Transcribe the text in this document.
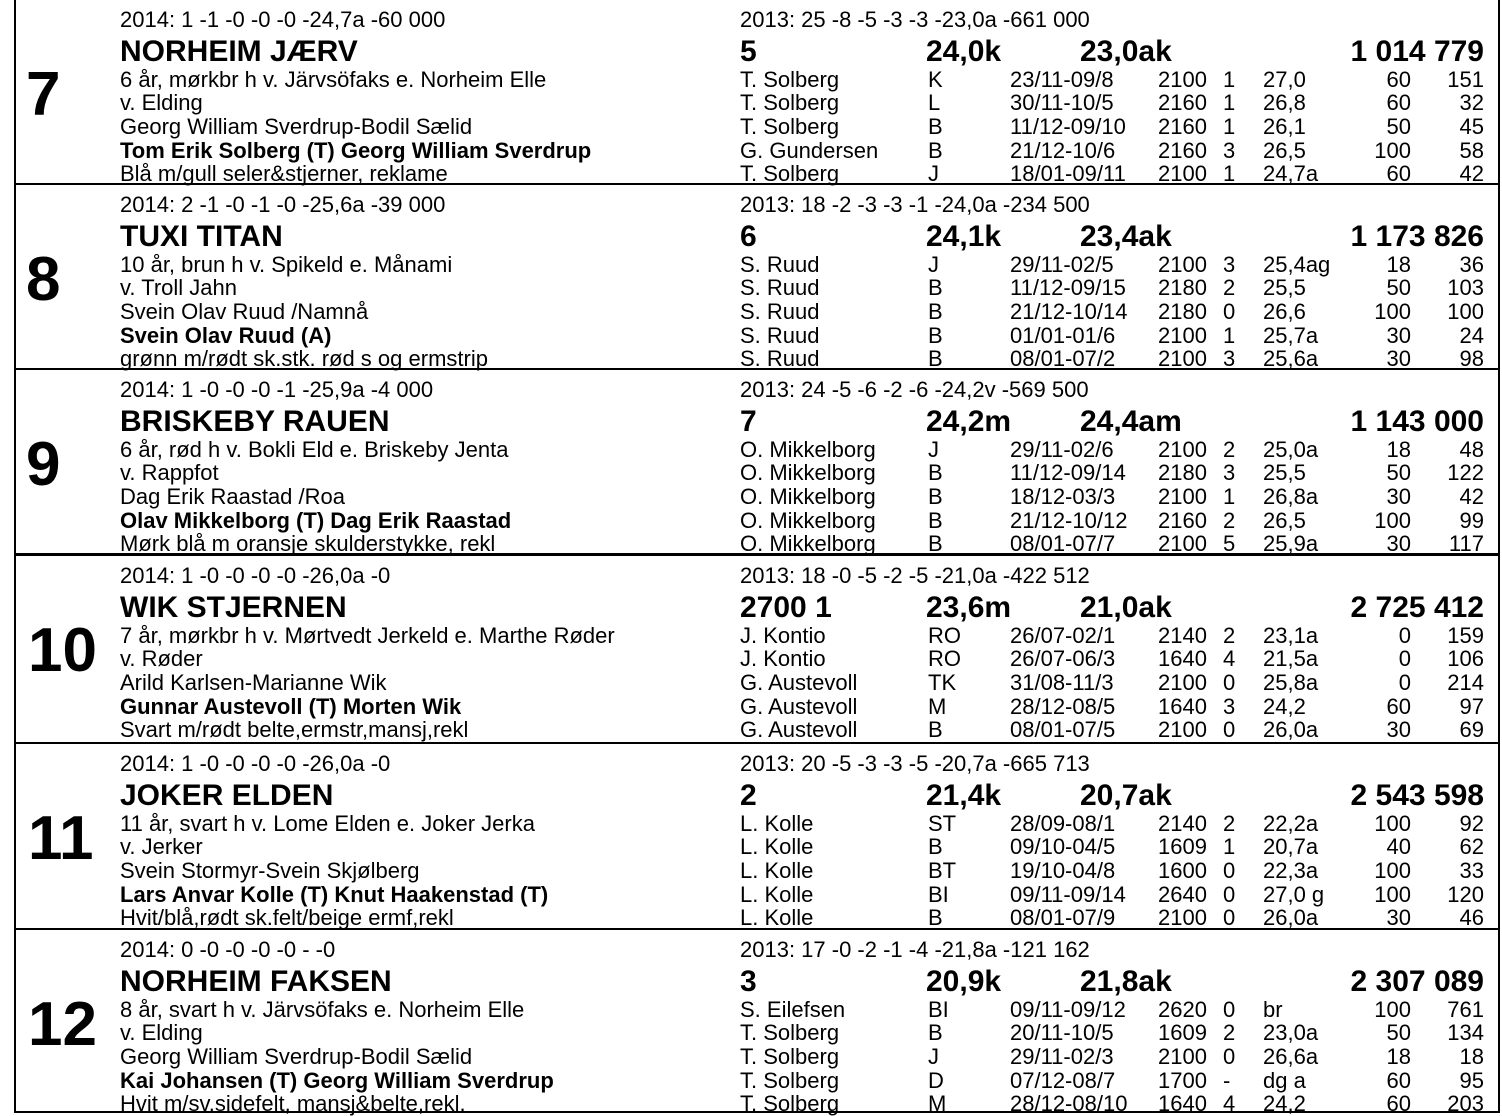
7
2014: 1 -1 -0 -0 -0 -24,7a -60 000	2013: 25 -8 -5 -3 -3 -23,0a -661 000
NORHEIM JÆRV	5	24,0k	23,0ak	1 014 779
6 år, mørkbr h v. Järvsöfaks e. Norheim Elle
v. Elding
Georg William Sverdrup-Bodil Sælid
Tom Erik Solberg (T) Georg William Sverdrup
Blå m/gull seler&stjerner, reklame
T. Solberg	K	23/11-09/8 2100 1 27,0	60 151
T. Solberg	L	30/11-10/5 2160 1 26,8	60 32
T. Solberg	B	11/12-09/10 2160 1 26,1	50 45
G. Gundersen B	21/12-10/6 2160 3 26,5	100 58
T. Solberg	J	18/01-09/11 2100 1 24,7a	60 42
8
2014: 2 -1 -0 -1 -0 -25,6a -39 000	2013: 18 -2 -3 -3 -1 -24,0a -234 500
TUXI TITAN	6	24,1k	23,4ak	1 173 826
10 år, brun h v. Spikeld e. Månami
v. Troll Jahn
Svein Olav Ruud /Namnå
Svein Olav Ruud (A)
grønn m/rødt sk.stk. rød s og ermstrip
S. Ruud	J	29/11-02/5 2100 3 25,4ag	18 36
S. Ruud	B	11/12-09/15 2180 2 25,5	50 103
S. Ruud	B	21/12-10/14 2180 0 26,6	100 100
S. Ruud	B	01/01-01/6 2100 1 25,7a	30 24
S. Ruud	B	08/01-07/2 2100 3 25,6a	30 98
9
2014: 1 -0 -0 -0 -1 -25,9a -4 000	2013: 24 -5 -6 -2 -6 -24,2v -569 500
BRISKEBY RAUEN	7	24,2m 24,4am	1 143 000
6 år, rød h v. Bokli Eld e. Briskeby Jenta
v. Rappfot
Dag Erik Raastad /Roa
Olav Mikkelborg (T) Dag Erik Raastad
Mørk blå m oransje skulderstykke, rekl
O. Mikkelborg J	29/11-02/6 2100 2 25,0a	18 48
O. Mikkelborg B	11/12-09/14 2180 3 25,5	50 122
O. Mikkelborg B	18/12-03/3 2100 1 26,8a	30 42
O. Mikkelborg B	21/12-10/12 2160 2 26,5	100 99
O. Mikkelborg B	08/01-07/7 2100 5 25,9a	30 117
10
2014: 1 -0 -0 -0 -0 -26,0a -0	2013: 18 -0 -5 -2 -5 -21,0a -422 512
WIK STJERNEN	2700 1	23,6m 21,0ak	2 725 412
7 år, mørkbr h v. Mørtvedt Jerkeld e. Marthe Røder
v. Røder
Arild Karlsen-Marianne Wik
Gunnar Austevoll (T) Morten Wik
Svart m/rødt belte,ermstr,mansj,rekl
J. Kontio	RO 26/07-02/1 2140 2 23,1a	0 159
J. Kontio	RO 26/07-06/3 1640 4 21,5a	0 106
G. Austevoll	TK 31/08-11/3 2100 0 25,8a	0 214
G. Austevoll	M	28/12-08/5 1640 3 24,2	60 97
G. Austevoll	B	08/01-07/5 2100 0 26,0a	30 69
11
2014: 1 -0 -0 -0 -0 -26,0a -0	2013: 20 -5 -3 -3 -5 -20,7a -665 713
JOKER ELDEN	2	21,4k	20,7ak	2 543 598
11 år, svart h v. Lome Elden e. Joker Jerka
v. Jerker
Svein Stormyr-Svein Skjølberg
Lars Anvar Kolle (T) Knut Haakenstad (T)
Hvit/blå,rødt sk.felt/beige ermf,rekl
L. Kolle	ST 28/09-08/1 2140 2 22,2a	100 92
L. Kolle	B	09/10-04/5 1609 1 20,7a	40 62
L. Kolle	BT 19/10-04/8 1600 0 22,3a	100 33
L. Kolle	BI	09/11-09/14 2640 0 27,0 g 100 120
L. Kolle	B	08/01-07/9 2100 0 26,0a	30 46
12
2014: 0 -0 -0 -0 -0 - -0	2013: 17 -0 -2 -1 -4 -21,8a -121 162
NORHEIM FAKSEN	3	20,9k	21,8ak	2 307 089
8 år, svart h v. Järvsöfaks e. Norheim Elle
v. Elding
Georg William Sverdrup-Bodil Sælid
Kai Johansen (T) Georg William Sverdrup
Hvit m/sv.sidefelt, mansj&belte,rekl.
S. Eilefsen	BI	09/11-09/12 2620 0 br	100 761
T. Solberg	B	20/11-10/5 1609 2 23,0a	50 134
T. Solberg	J	29/11-02/3 2100 0 26,6a	18 18
T. Solberg	D	07/12-08/7 1700 - dg a	60 95
T. Solberg	M	28/12-08/10 1640 4 24,2	60 203
